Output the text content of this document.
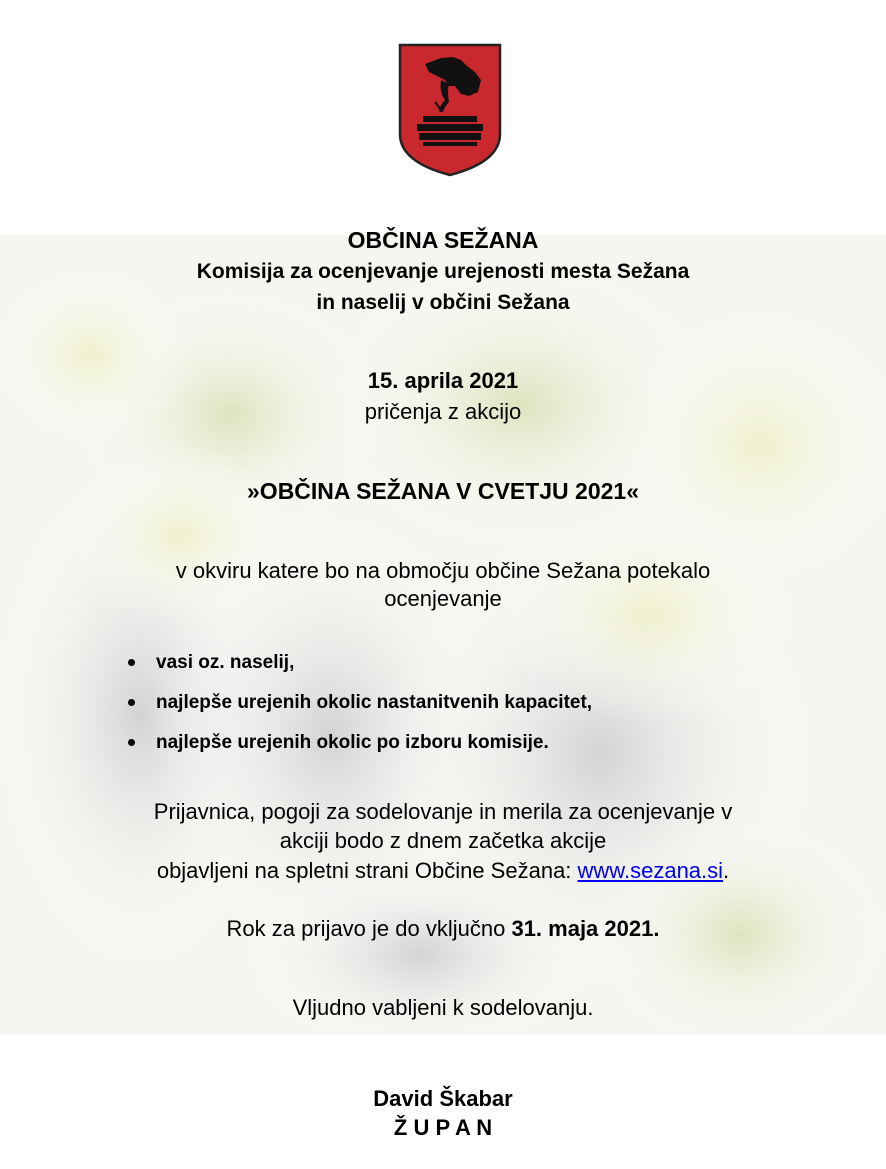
OBČINA SEŽANA
Komisija za ocenjevanje urejenosti mesta Sežana
in naselij v občini Sežana
15. aprila 2021
pričenja z akcijo
»OBČINA SEŽANA V CVETJU 2021«
v okviru katere bo na območju občine Sežana potekalo
ocenjevanje
vasi oz. naselij,
najlepše urejenih okolic nastanitvenih kapacitet,
najlepše urejenih okolic po izboru komisije.
Prijavnica, pogoji za sodelovanje in merila za ocenjevanje v
akciji bodo z dnem začetka akcije
objavljeni na spletni strani Občine Sežana: www.sezana.si.
Rok za prijavo je do vključno 31. maja 2021.
Vljudno vabljeni k sodelovanju.
David Škabar
Ž U P A N
